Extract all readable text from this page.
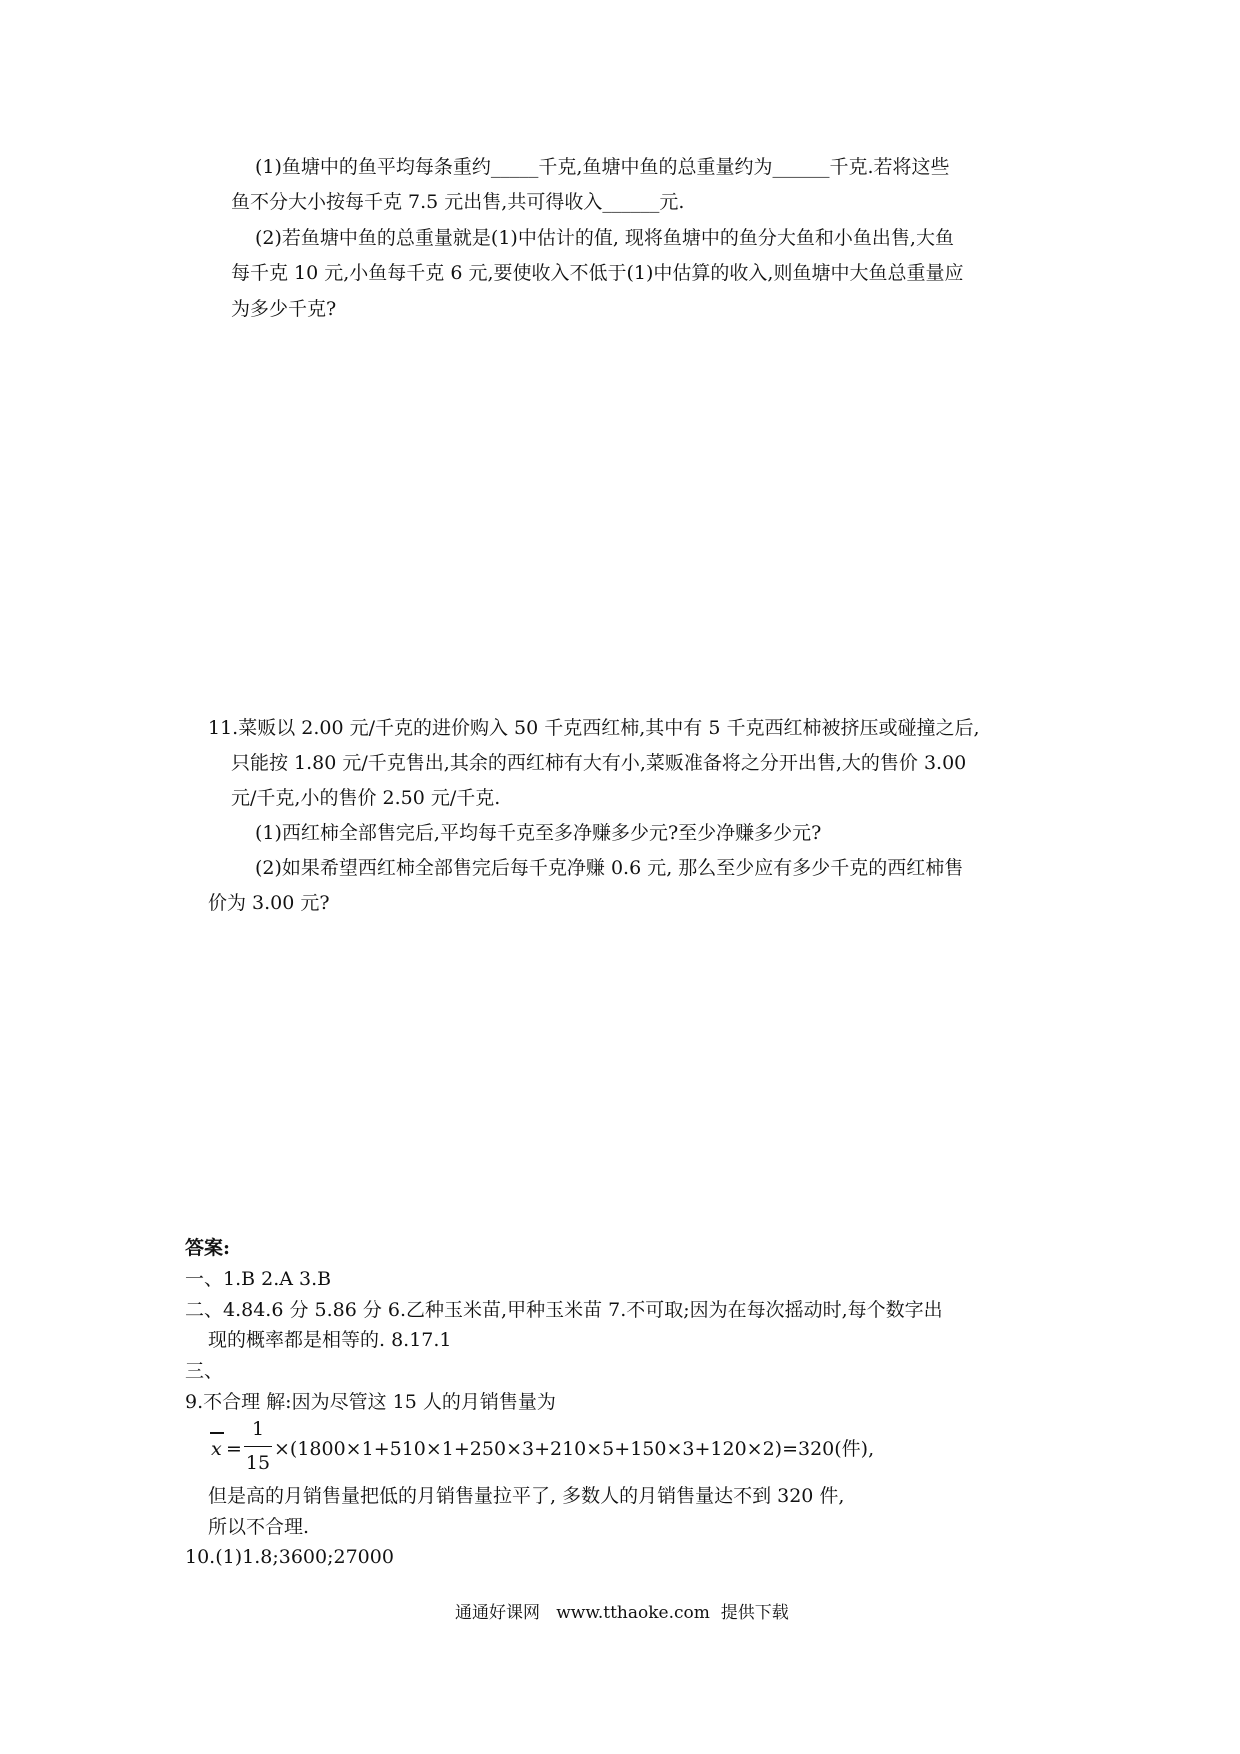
(1)鱼塘中的鱼平均每条重约_____千克,鱼塘中鱼的总重量约为______千克.若将这些
鱼不分大小按每千克 7.5 元出售,共可得收入______元.
(2)若鱼塘中鱼的总重量就是(1)中估计的值, 现将鱼塘中的鱼分大鱼和小鱼出售,大鱼
每千克 10 元,小鱼每千克 6 元,要使收入不低于(1)中估算的收入,则鱼塘中大鱼总重量应
为多少千克?
11.菜贩以 2.00 元/千克的进价购入 50 千克西红柿,其中有 5 千克西红柿被挤压或碰撞之后,
只能按 1.80 元/千克售出,其余的西红柿有大有小,菜贩准备将之分开出售,大的售价 3.00
元/千克,小的售价 2.50 元/千克.
(1)西红柿全部售完后,平均每千克至多净赚多少元?至少净赚多少元?
(2)如果希望西红柿全部售完后每千克净赚 0.6 元, 那么至少应有多少千克的西红柿售
价为 3.00 元?
答案:
一、1.B 2.A 3.B
二、4.84.6 分 5.86 分 6.乙种玉米苗,甲种玉米苗 7.不可取;因为在每次摇动时,每个数字出
现的概率都是相等的. 8.17.1
三、
9.不合理 解:因为尽管这 15 人的月销售量为
x =
1
15
×(1800×1+510×1+250×3+210×5+150×3+120×2)=320(件),
但是高的月销售量把低的月销售量拉平了, 多数人的月销售量达不到 320 件,
所以不合理.
10.(1)1.8;3600;27000
通通好课网 www.tthaoke.com 提供下载
